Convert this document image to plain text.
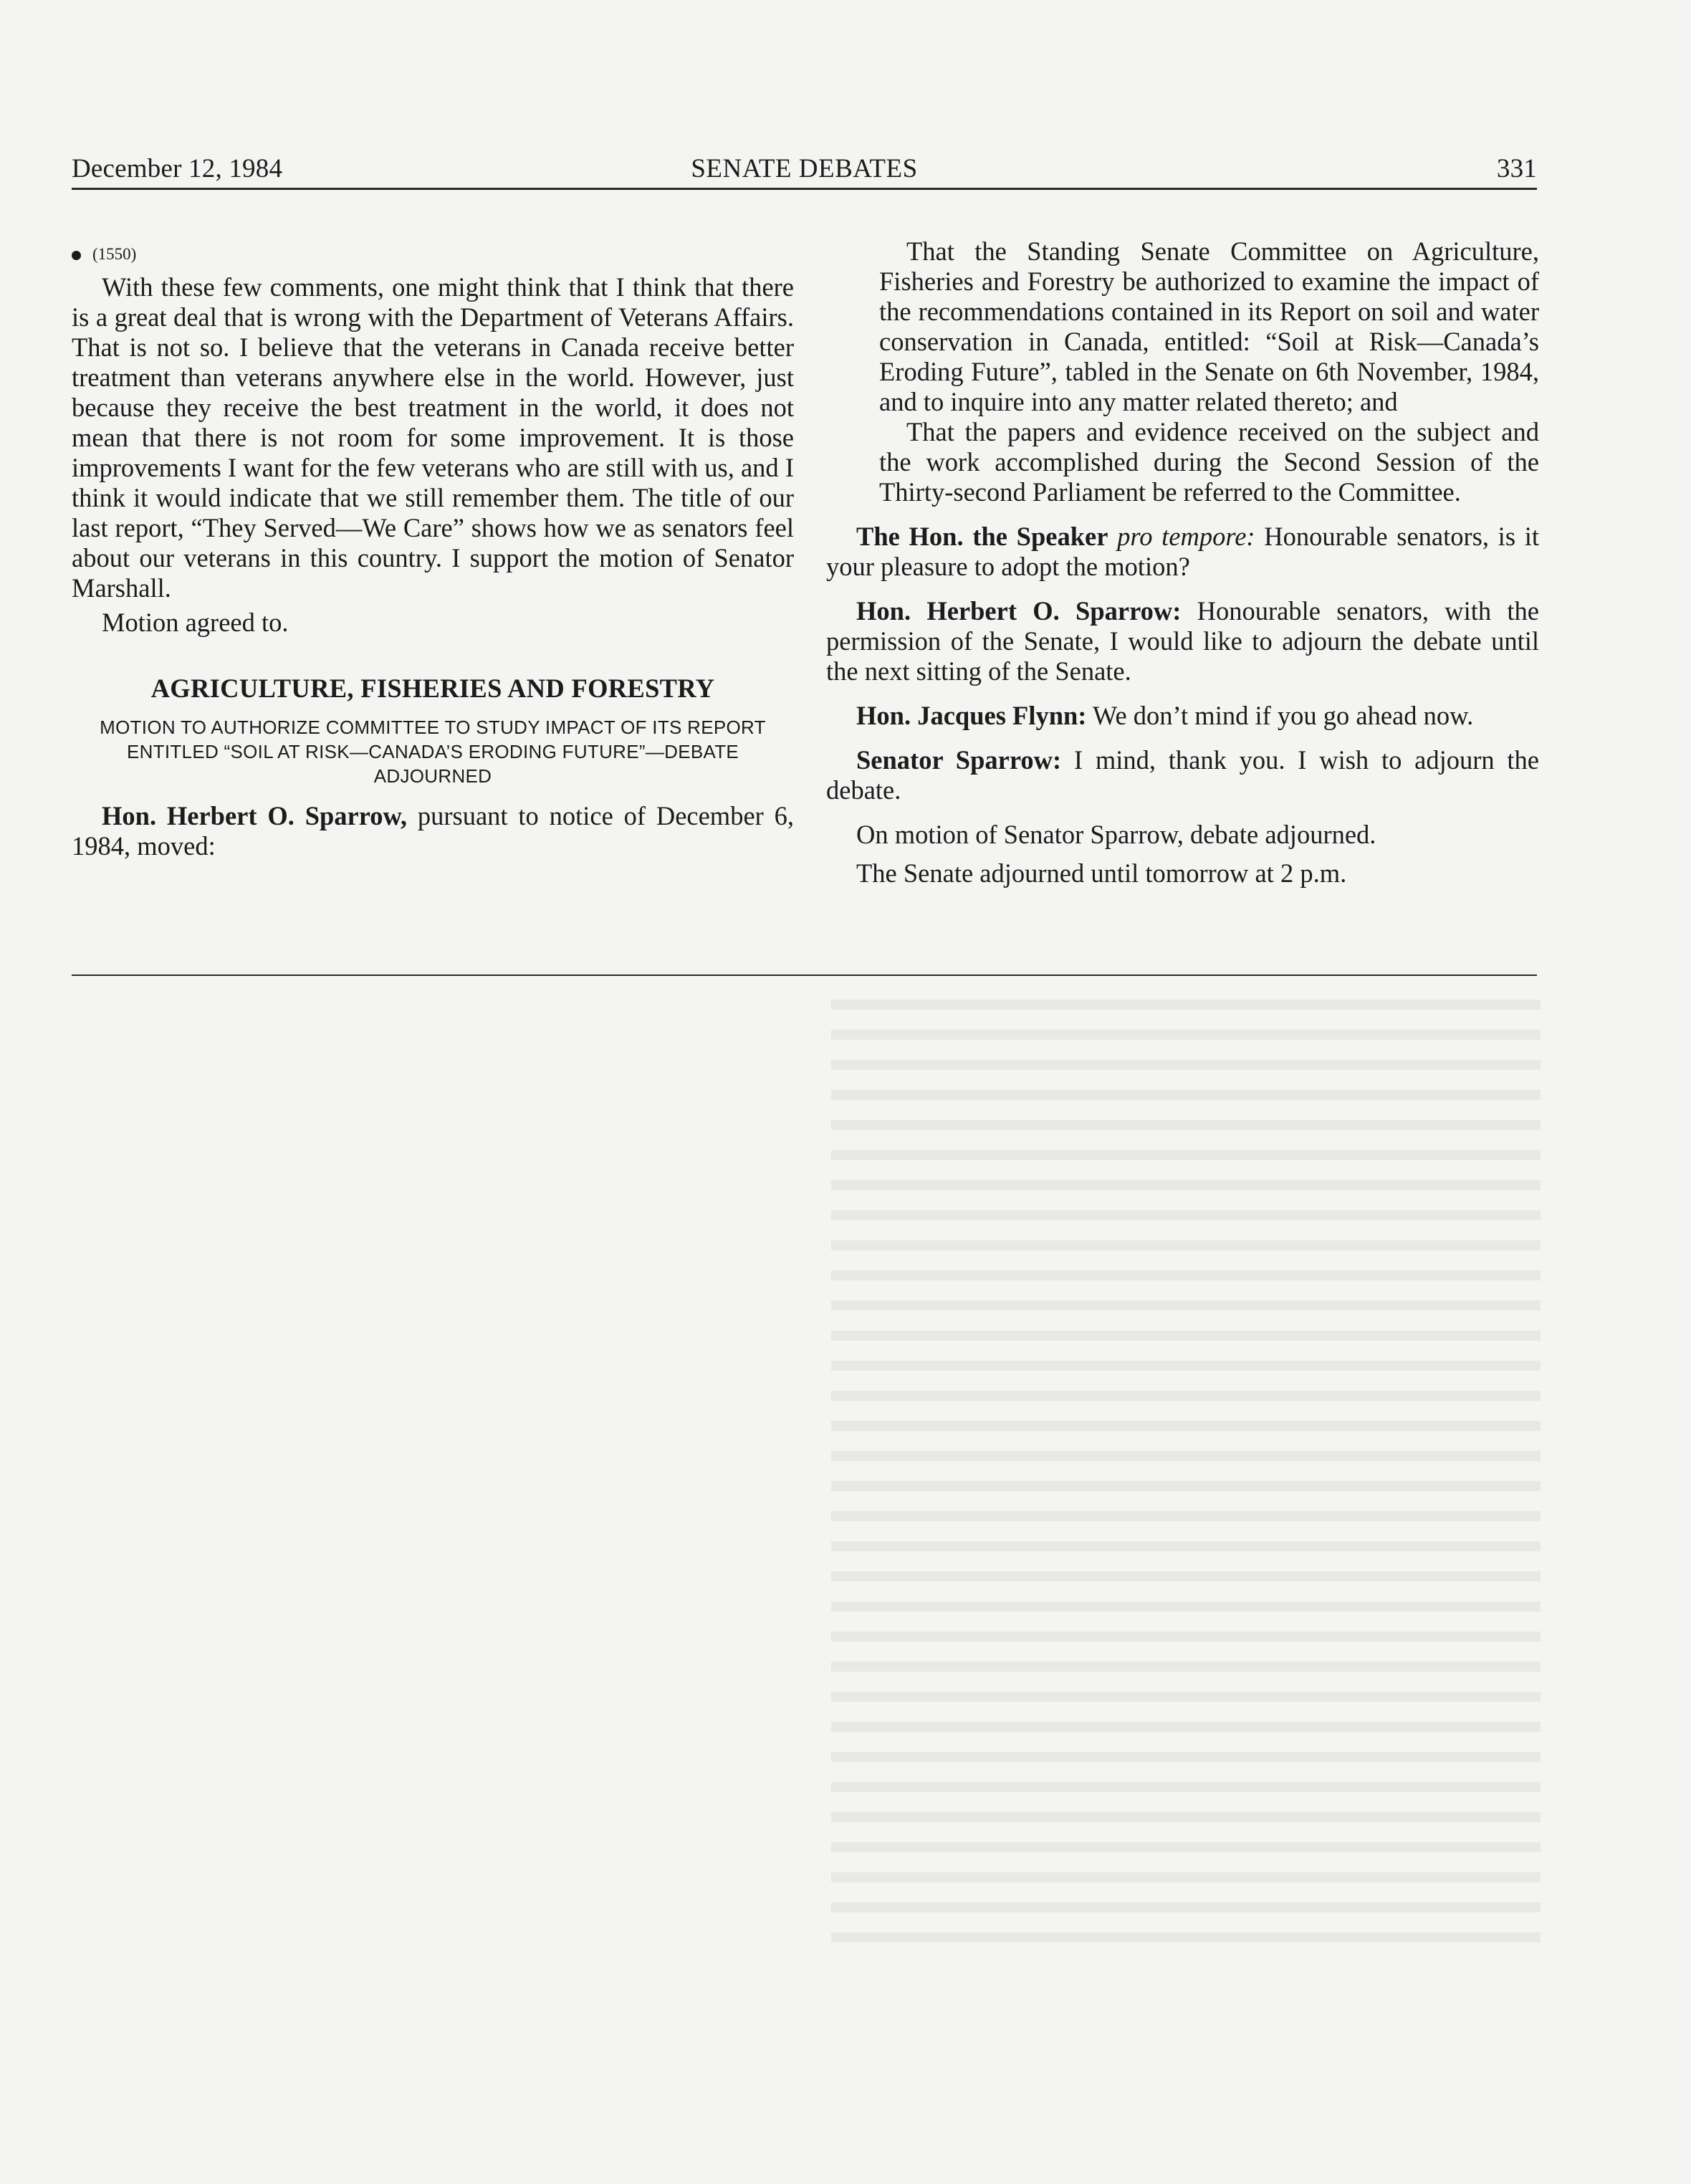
December 12, 1984	SENATE DEBATES	331

(1550)

With these few comments, one might think that I think that there is a great deal that is wrong with the Department of Veterans Affairs. That is not so. I believe that the veterans in Canada receive better treatment than veterans anywhere else in the world. However, just because they receive the best treatment in the world, it does not mean that there is not room for some improvement. It is those improvements I want for the few veterans who are still with us, and I think it would indicate that we still remember them. The title of our last report, “They Served—We Care” shows how we as senators feel about our veterans in this country. I support the motion of Senator Marshall.

Motion agreed to.

AGRICULTURE, FISHERIES AND FORESTRY

MOTION TO AUTHORIZE COMMITTEE TO STUDY IMPACT OF ITS REPORT ENTITLED “SOIL AT RISK—CANADA’S ERODING FUTURE”—DEBATE ADJOURNED

Hon. Herbert O. Sparrow, pursuant to notice of December 6, 1984, moved:

That the Standing Senate Committee on Agriculture, Fisheries and Forestry be authorized to examine the impact of the recommendations contained in its Report on soil and water conservation in Canada, entitled: “Soil at Risk—Canada’s Eroding Future”, tabled in the Senate on 6th November, 1984, and to inquire into any matter related thereto; and

That the papers and evidence received on the subject and the work accomplished during the Second Session of the Thirty-second Parliament be referred to the Committee.

The Hon. the Speaker pro tempore: Honourable senators, is it your pleasure to adopt the motion?

Hon. Herbert O. Sparrow: Honourable senators, with the permission of the Senate, I would like to adjourn the debate until the next sitting of the Senate.

Hon. Jacques Flynn: We don’t mind if you go ahead now.

Senator Sparrow: I mind, thank you. I wish to adjourn the debate.

On motion of Senator Sparrow, debate adjourned.

The Senate adjourned until tomorrow at 2 p.m.
